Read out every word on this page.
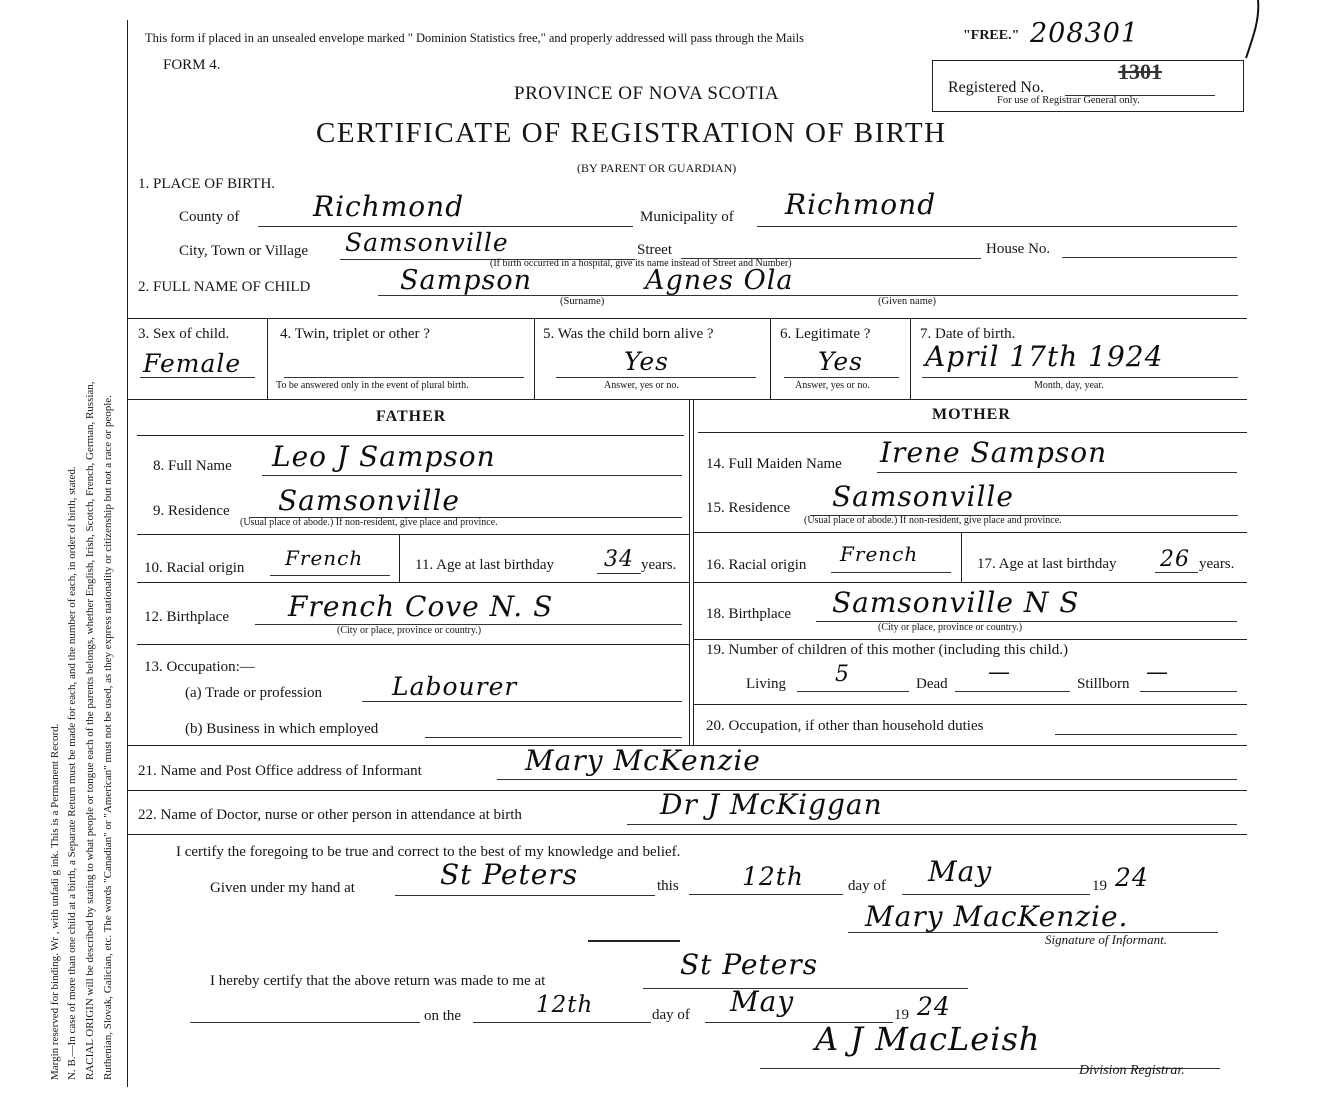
Margin reserved for binding. Wr , with unfadi g ink. This is a Permanent Record. N. B.—In case of more than one child at a birth, a Separate Return must be made for each, and the number of each, in order of birth, stated. RACIAL ORIGIN will be described by stating to what people or tongue each of the parents belongs, whether English, Irish, Scotch, French, German, Russian, Ruthenian, Slovak, Galician, etc. The words "Canadian" or "American" must not be used, as they express nationality or citizenship but not a race or people.
This form if placed in an unsealed envelope marked " Dominion Statistics free," and properly addressed will pass through the Mails	"FREE." 208301
FORM 4.
Registered No.
1301
For use of Registrar General only.
PROVINCE OF NOVA SCOTIA
CERTIFICATE OF REGISTRATION OF BIRTH
(BY PARENT OR GUARDIAN)
1. PLACE OF BIRTH.
County of	Richmond	Municipality of Richmond
City, Town or Village Samsonville	Street	House No.
(If birth occurred in a hospital, give its name instead of Street and Number)
2. FULL NAME OF CHILD	Sampson	Agnes Ola
(Surname)	(Given name)
3. Sex of child.
Female
4. Twin, triplet or other ?
To be answered only in the event of plural birth.
5. Was the child born alive ?
Yes
Answer, yes or no.
6. Legitimate ?
Yes
Answer, yes or no.
7. Date of birth.
April 17th 1924
Month, day, year.
FATHER	MOTHER
8. Full Name Leo J Sampson
9. Residence Samsonville
(Usual place of abode.) If non-resident, give place and province.
10. Racial origin French	11. Age at last birthday 34 years.
12. Birthplace French Cove N. S
(City or place, province or country.)
13. Occupation:—
(a) Trade or profession	Labourer
(b) Business in which employed
14. Full Maiden Name Irene Sampson
15. Residence Samsonville
(Usual place of abode.) If non-resident, give place and province.
16. Racial origin French	17. Age at last birthday 26 years.
18. Birthplace Samsonville N S
(City or place, province or country.)
19. Number of children of this mother (including this child.)
Living 5	Dead —	Stillborn —
20. Occupation, if other than household duties
21. Name and Post Office address of Informant	Mary McKenzie
22. Name of Doctor, nurse or other person in attendance at birth	Dr J McKiggan
I certify the foregoing to be true and correct to the best of my knowledge and belief.
Given under my hand at	St Peters	this	12th	day of May	19 24
Mary MacKenzie.
Signature of Informant.
I hereby certify that the above return was made to me at	St Peters
on the	12th	day of May	19 24
A J MacLeish
Division Registrar.
